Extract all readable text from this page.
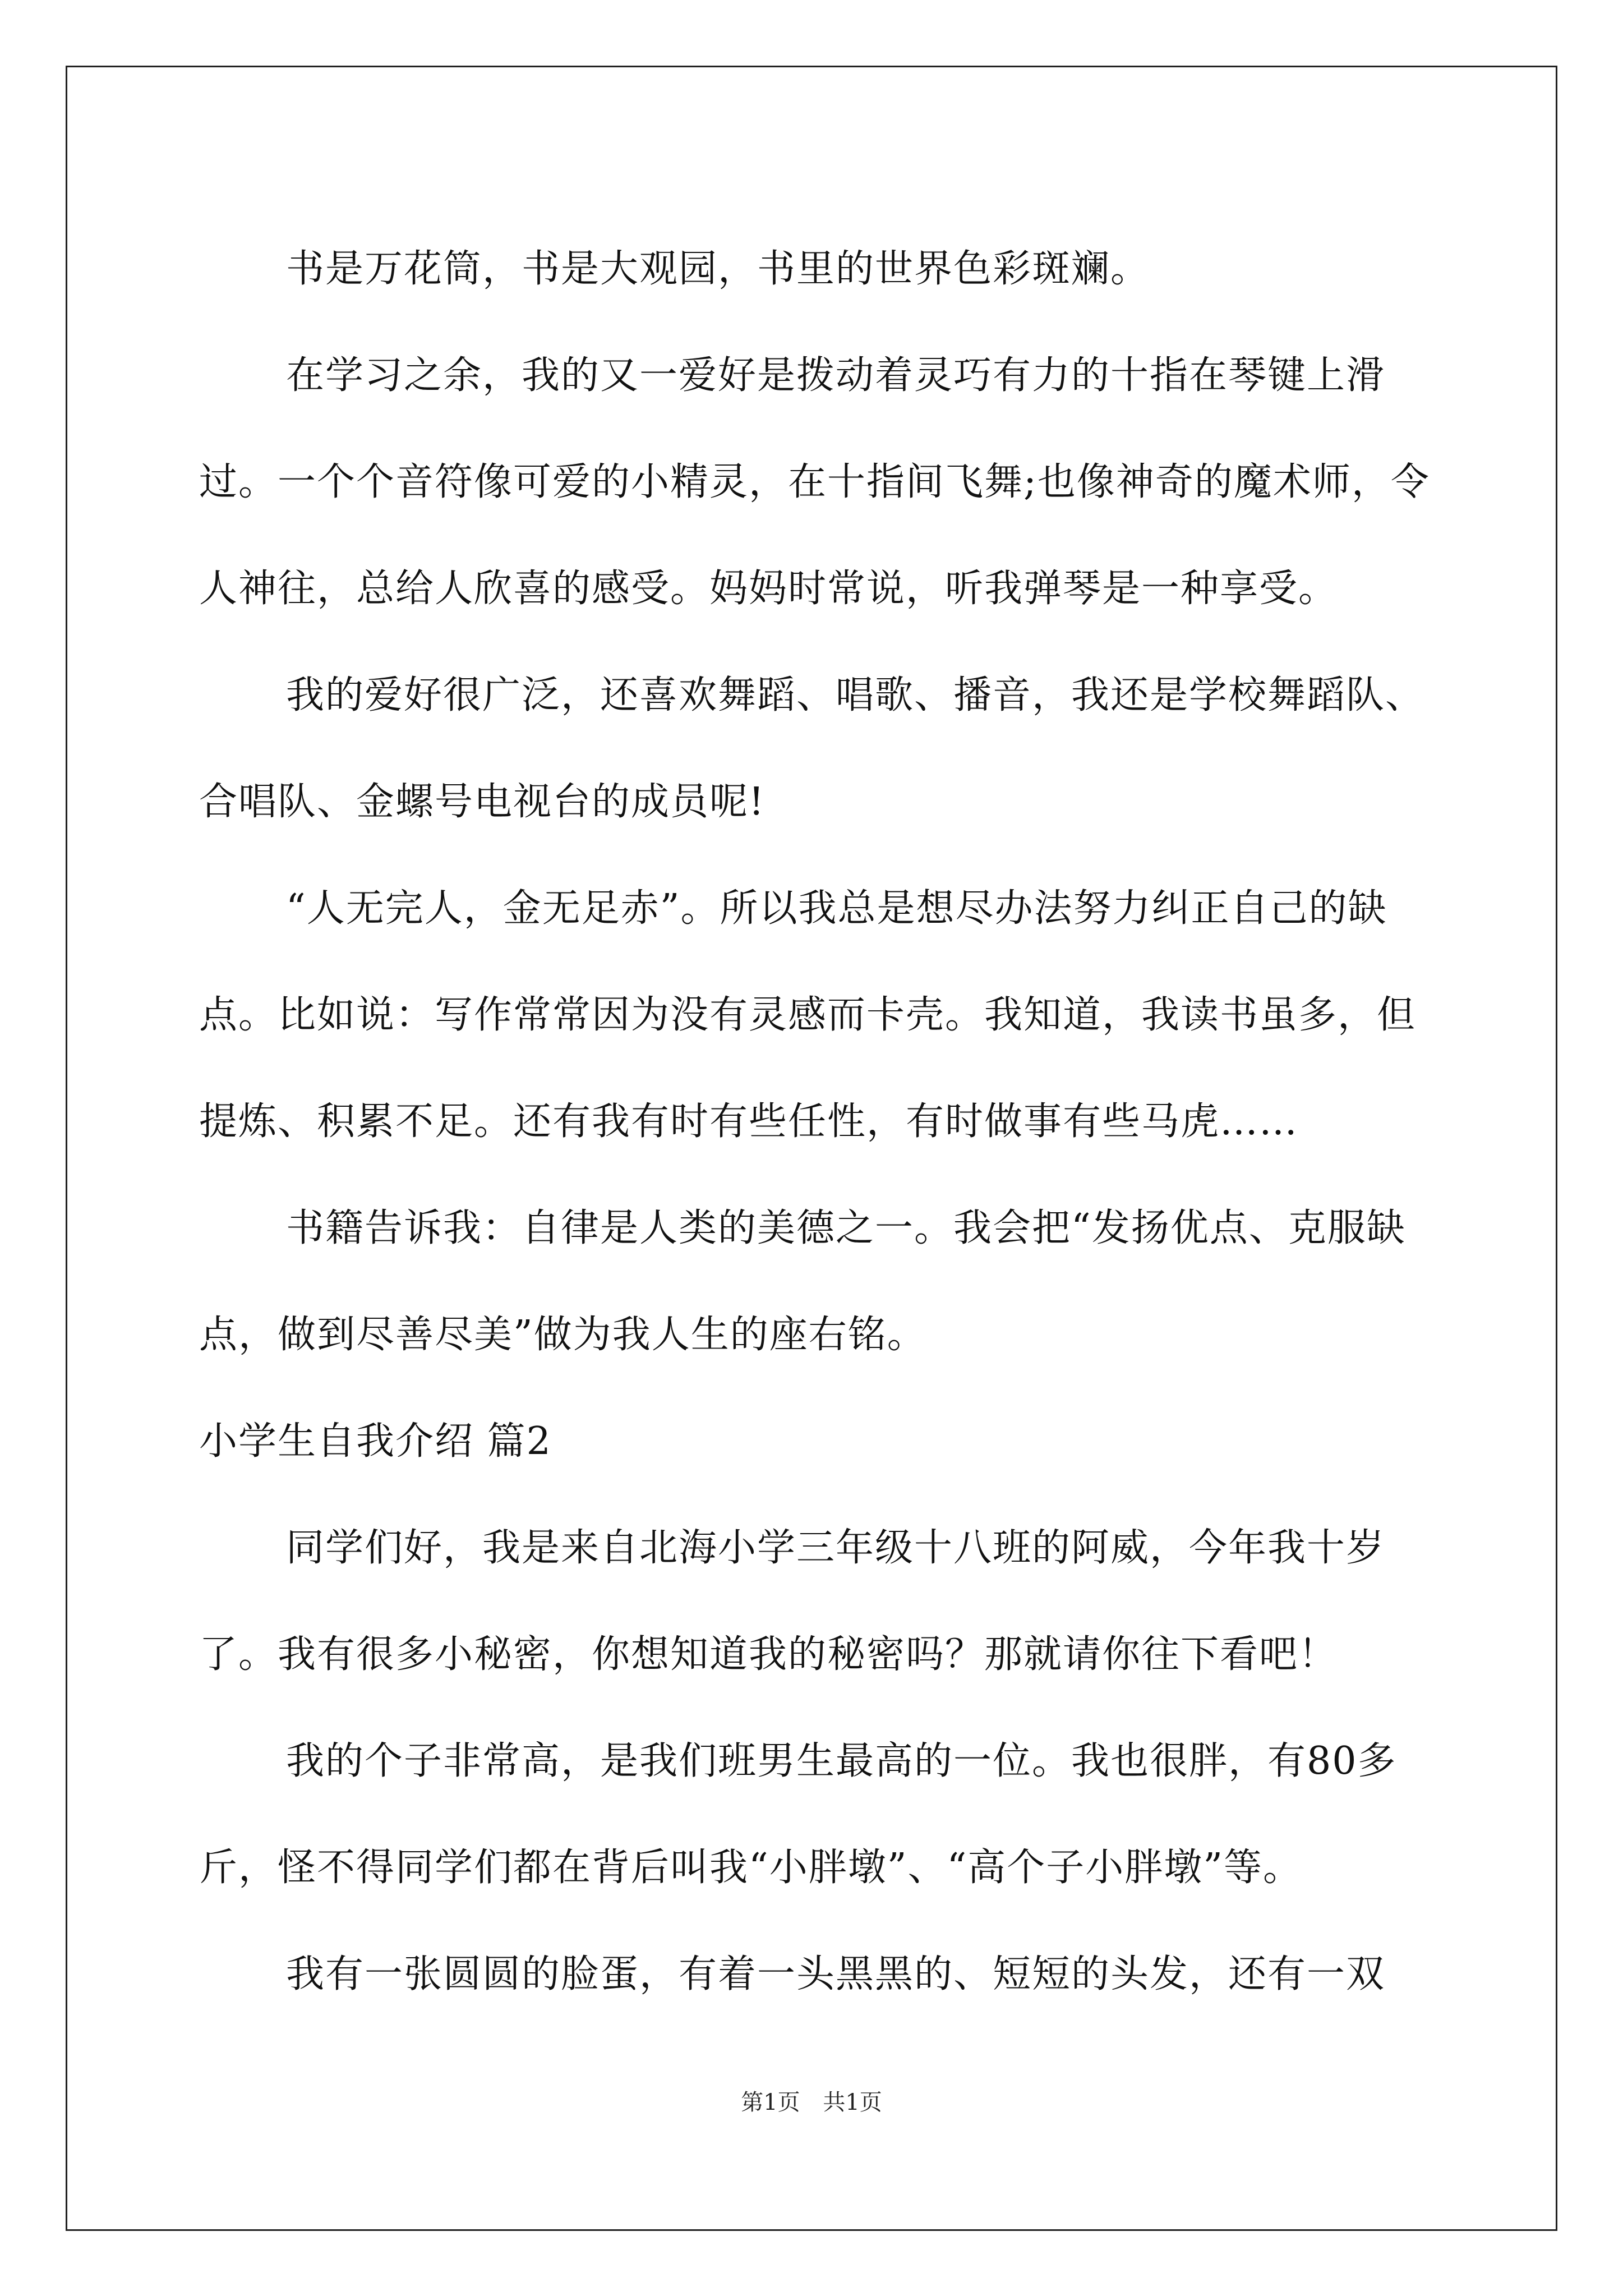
书是万花筒，书是大观园，书里的世界色彩斑斓。

在学习之余，我的又一爱好是拨动着灵巧有力的十指在琴键上滑过。一个个音符像可爱的小精灵，在十指间飞舞;也像神奇的魔术师，令人神往，总给人欣喜的感受。妈妈时常说，听我弹琴是一种享受。

我的爱好很广泛，还喜欢舞蹈、唱歌、播音，我还是学校舞蹈队、合唱队、金螺号电视台的成员呢!

“人无完人，金无足赤”。所以我总是想尽办法努力纠正自己的缺点。比如说：写作常常因为没有灵感而卡壳。我知道，我读书虽多，但提炼、积累不足。还有我有时有些任性，有时做事有些马虎……

书籍告诉我：自律是人类的美德之一。我会把“发扬优点、克服缺点，做到尽善尽美”做为我人生的座右铭。

小学生自我介绍 篇2

同学们好，我是来自北海小学三年级十八班的阿威，今年我十岁了。我有很多小秘密，你想知道我的秘密吗？那就请你往下看吧！

我的个子非常高，是我们班男生最高的一位。我也很胖，有80多斤，怪不得同学们都在背后叫我“小胖墩”、“高个子小胖墩”等。

我有一张圆圆的脸蛋，有着一头黑黑的、短短的头发，还有一双

第1页 共1页
